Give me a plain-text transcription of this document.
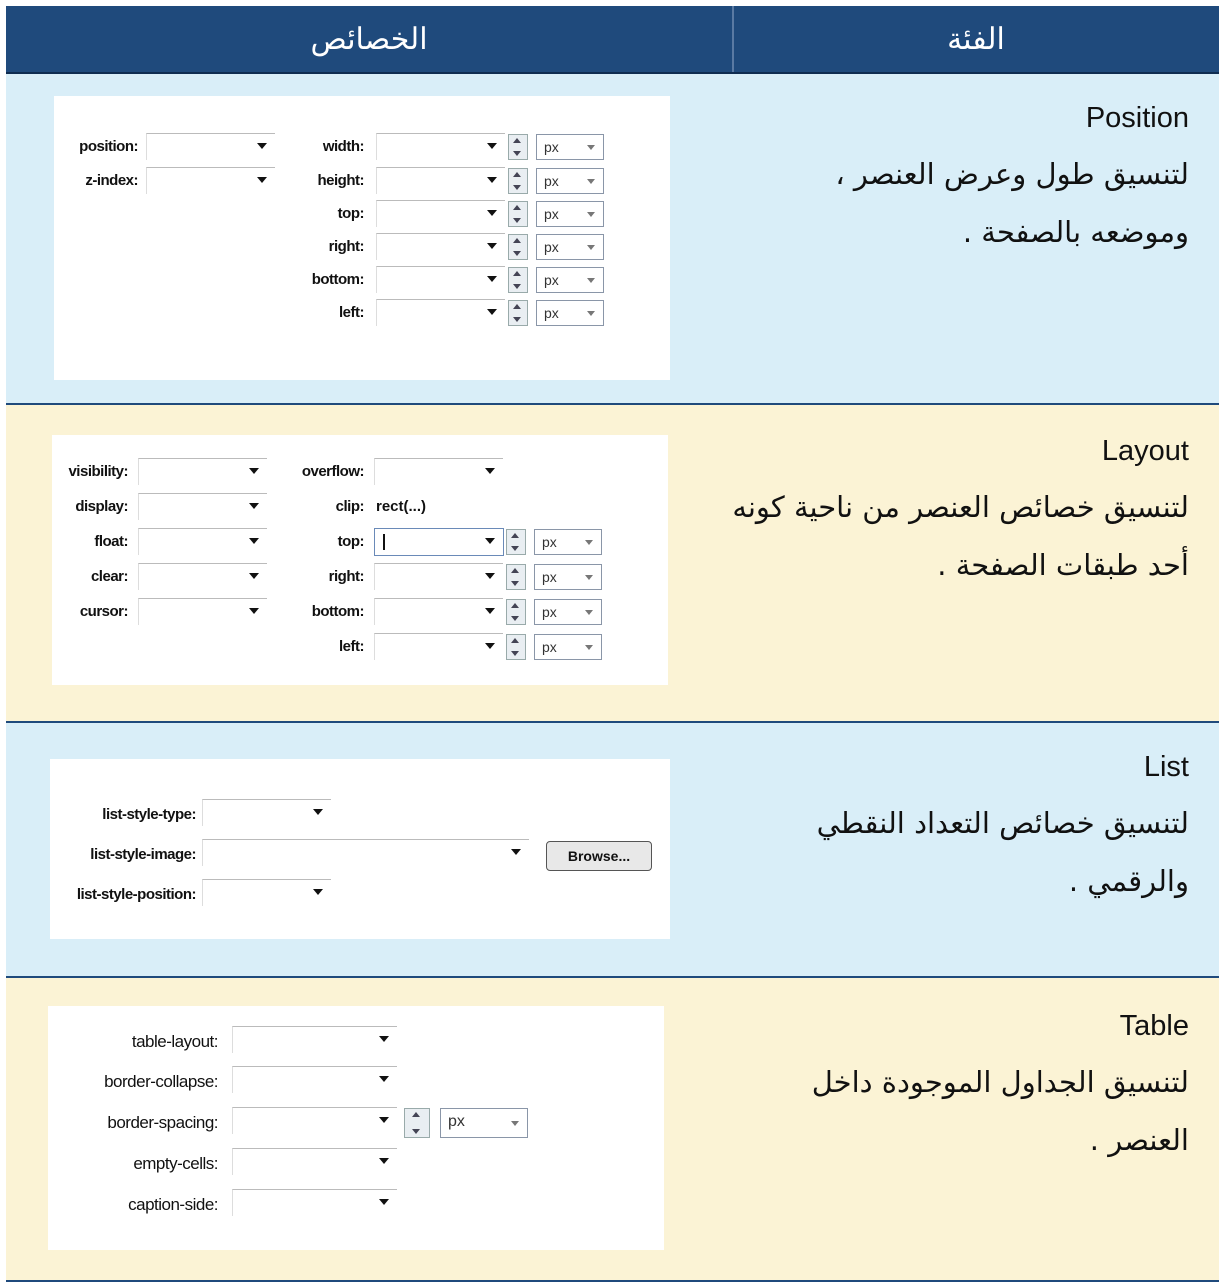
الخصائص	الفئة
Position
لتنسيق طول وعرض العنصر ، وموضعه بالصفحة .
position:
z-index:
width:	px
height:	px
top:	px
right:	px
bottom:	px
left:	px
Layout
لتنسيق خصائص العنصر من ناحية كونه أحد طبقات الصفحة .
visibility:
display:
float:
clear:
cursor:
overflow:
clip: rect(...)
top:	px
right:	px
bottom:	px
left:	px
List
لتنسيق خصائص التعداد النقطي والرقمي .
list-style-type:
list-style-image:	Browse...
list-style-position:
Table
لتنسيق الجداول الموجودة داخل العنصر .
table-layout:
border-collapse:
border-spacing:	px
empty-cells:
caption-side:
